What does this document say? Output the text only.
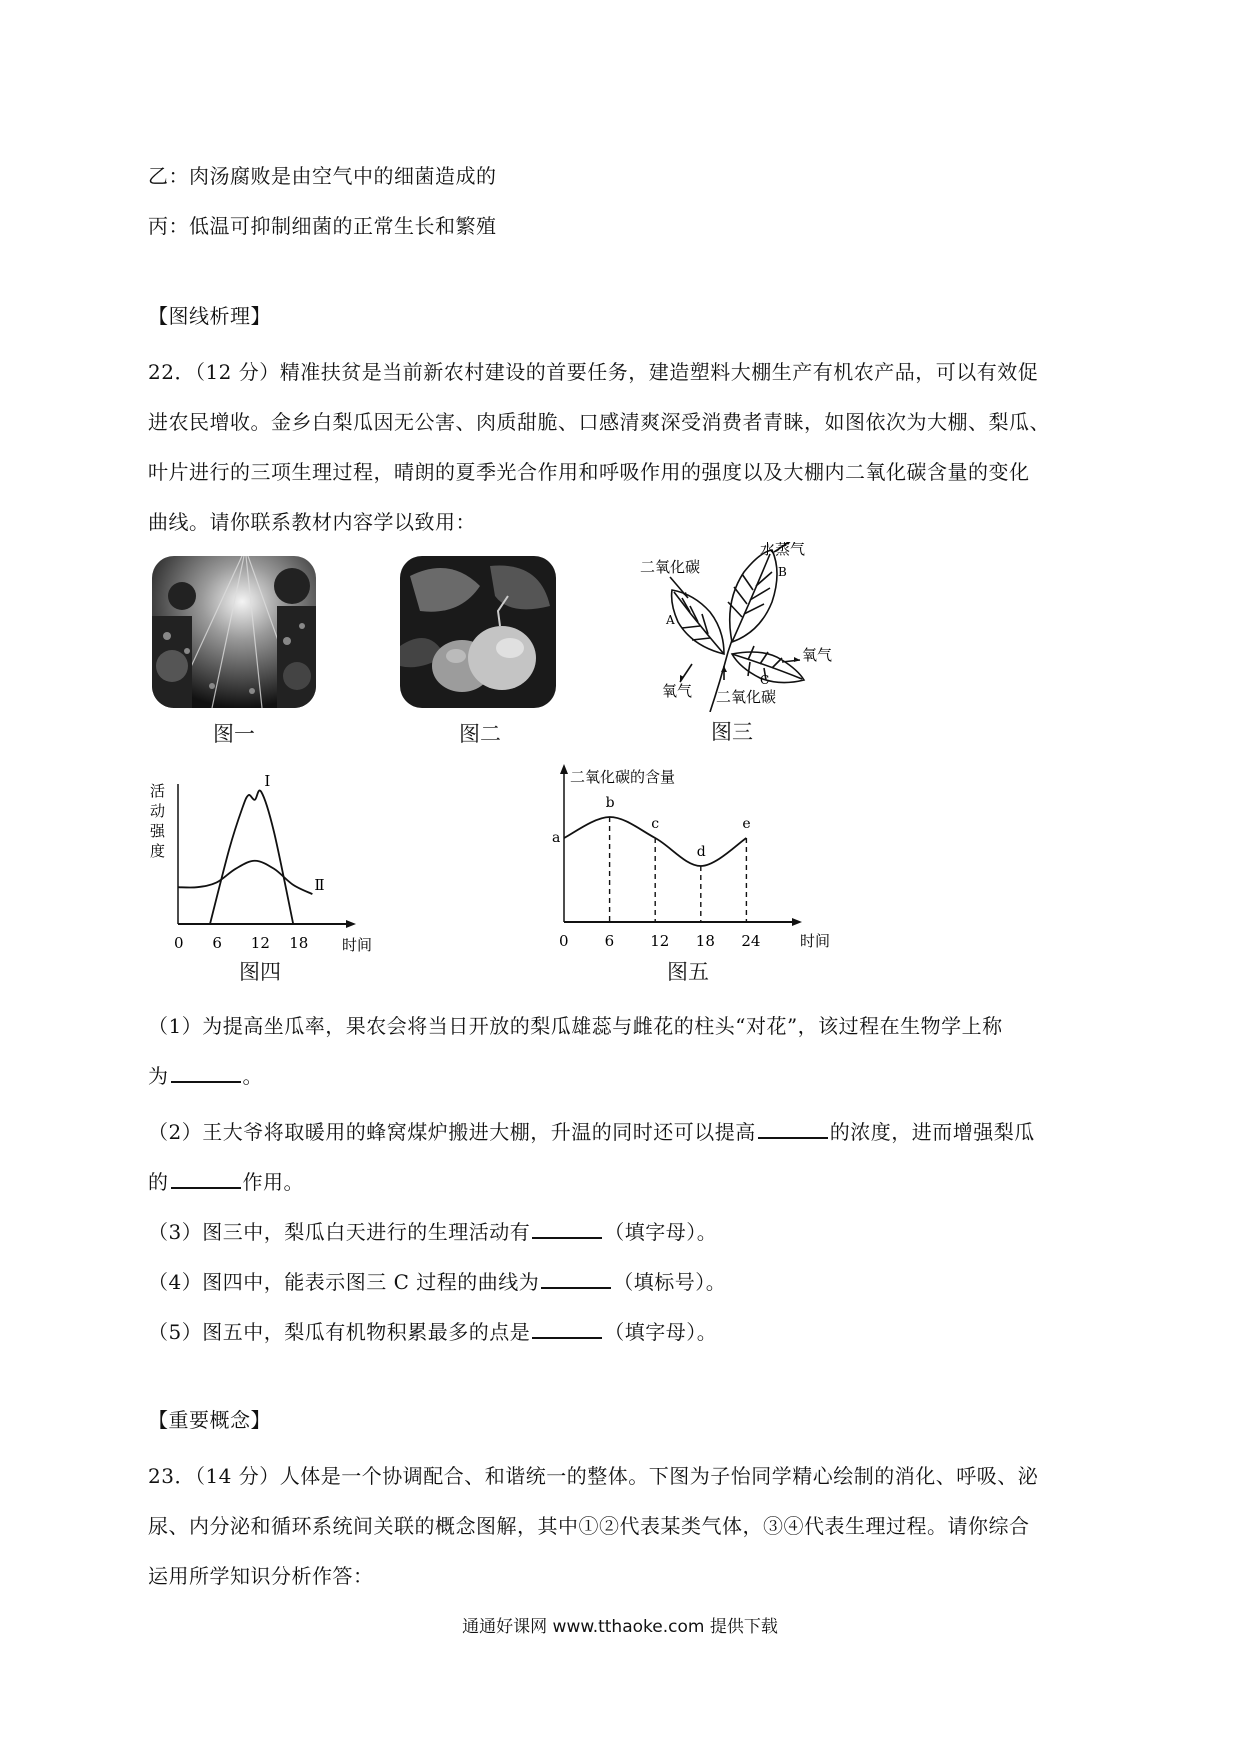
乙：肉汤腐败是由空气中的细菌造成的
丙：低温可抑制细菌的正常生长和繁殖
【图线析理】
22．（12 分）精准扶贫是当前新农村建设的首要任务，建造塑料大棚生产有机农产品，可以有效促
进农民增收。金乡白梨瓜因无公害、肉质甜脆、口感清爽深受消费者青睐，如图依次为大棚、梨瓜、
叶片进行的三项生理过程，晴朗的夏季光合作用和呼吸作用的强度以及大棚内二氧化碳含量的变化
曲线。请你联系教材内容学以致用：
图一	图二
二氧化碳
水蒸气
B
A
氧气
氧气
C
二氧化碳
图三
活
动
强
度
时间
0 6 12 18
Ⅰ
Ⅱ
图四
二氧化碳的含量
时间
0 6 12 18 24
a
b
c
d
e
图五
（1）为提高坐瓜率，果农会将当日开放的梨瓜雄蕊与雌花的柱头“对花”，该过程在生物学上称
为	。
（2）王大爷将取暖用的蜂窝煤炉搬进大棚，升温的同时还可以提高	的浓度，进而增强梨瓜
的	作用。
（3）图三中，梨瓜白天进行的生理活动有	（填字母）。
（4）图四中，能表示图三 C 过程的曲线为	（填标号）。
（5）图五中，梨瓜有机物积累最多的点是	（填字母）。
【重要概念】
23．（14 分）人体是一个协调配合、和谐统一的整体。下图为子怡同学精心绘制的消化、呼吸、泌
尿、内分泌和循环系统间关联的概念图解，其中①②代表某类气体，③④代表生理过程。请你综合
运用所学知识分析作答：
通通好课网 www.tthaoke.com 提供下载
